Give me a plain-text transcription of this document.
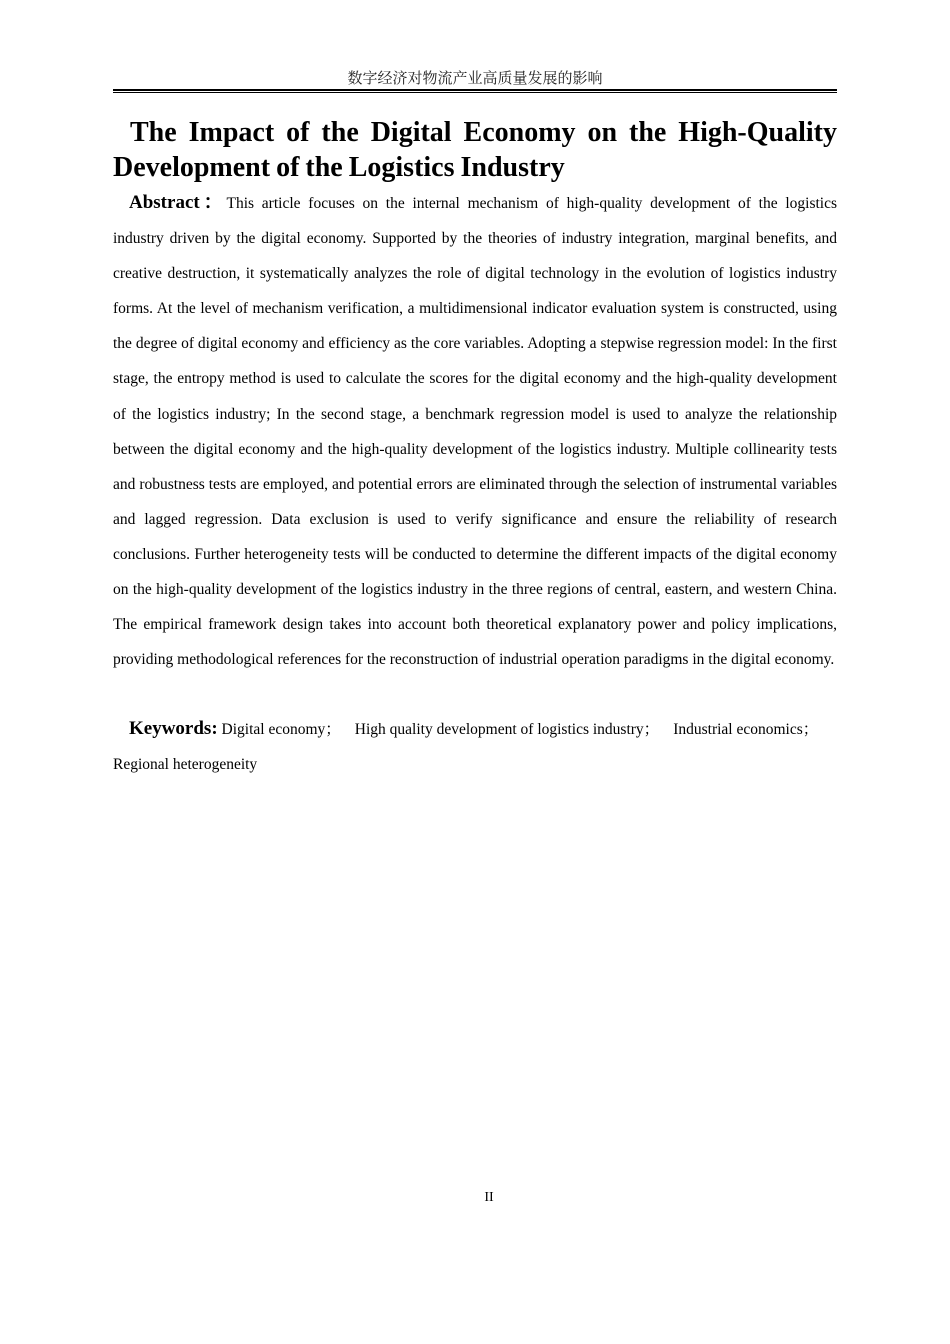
数字经济对物流产业高质量发展的影响
The Impact of the Digital Economy on the High-Quality Development of the Logistics Industry

Abstract：This article focuses on the internal mechanism of high-quality development of the logistics industry driven by the digital economy. Supported by the theories of industry integration, marginal benefits, and creative destruction, it systematically analyzes the role of digital technology in the evolution of logistics industry forms. At the level of mechanism verification, a multidimensional indicator evaluation system is constructed, using the degree of digital economy and efficiency as the core variables. Adopting a stepwise regression model: In the first stage, the entropy method is used to calculate the scores for the digital economy and the high-quality development of the logistics industry; In the second stage, a benchmark regression model is used to analyze the relationship between the digital economy and the high-quality development of the logistics industry. Multiple collinearity tests and robustness tests are employed, and potential errors are eliminated through the selection of instrumental variables and lagged regression. Data exclusion is used to verify significance and ensure the reliability of research conclusions. Further heterogeneity tests will be conducted to determine the different impacts of the digital economy on the high-quality development of the logistics industry in the three regions of central, eastern, and western China. The empirical framework design takes into account both theoretical explanatory power and policy implications, providing methodological references for the reconstruction of industrial operation paradigms in the digital economy.

Keywords: Digital economy； High quality development of logistics industry； Industrial economics； Regional heterogeneity

II
